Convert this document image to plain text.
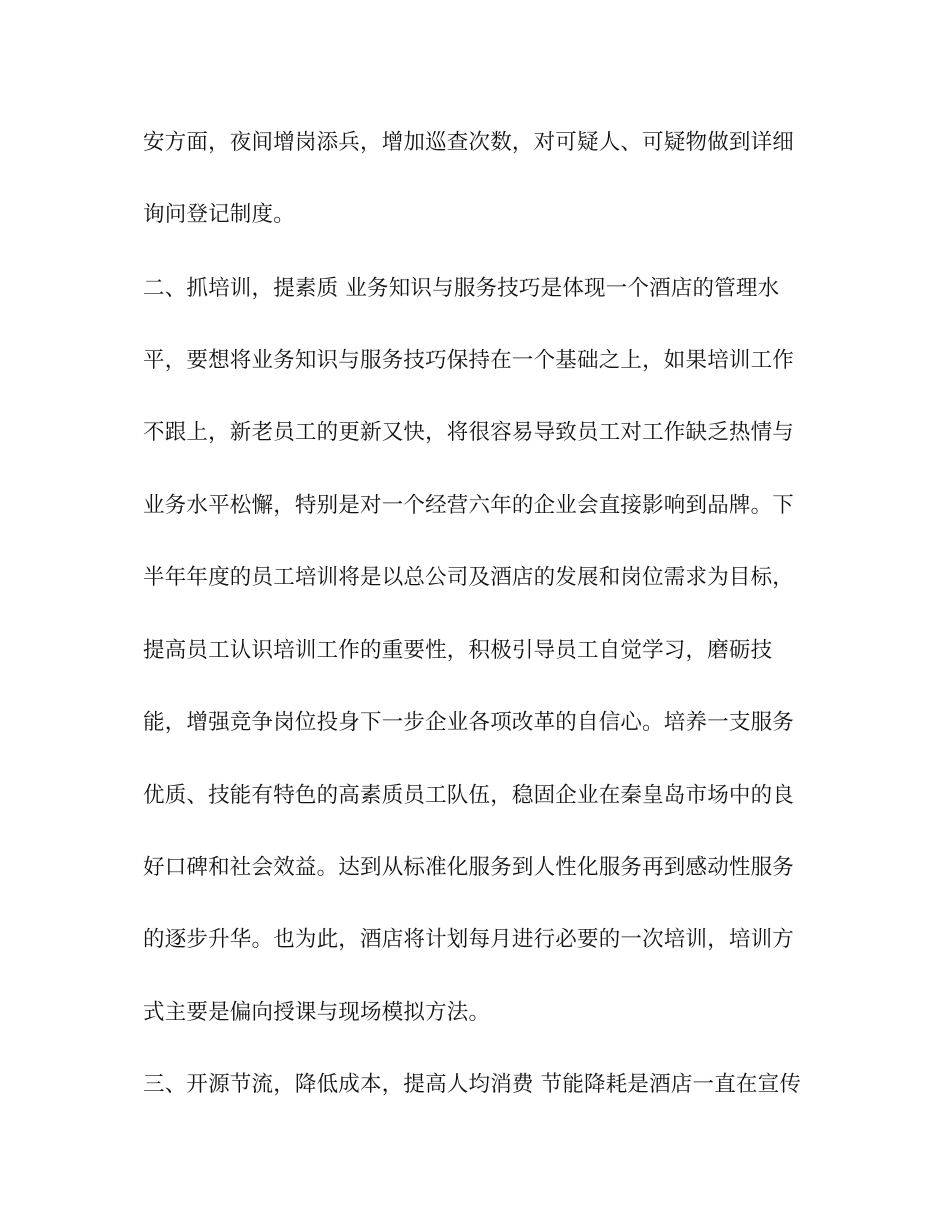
安方面，夜间增岗添兵，增加巡查次数，对可疑人、可疑物做到详细
询问登记制度。
二、抓培训，提素质 业务知识与服务技巧是体现一个酒店的管理水
平，要想将业务知识与服务技巧保持在一个基础之上，如果培训工作
不跟上，新老员工的更新又快，将很容易导致员工对工作缺乏热情与
业务水平松懈，特别是对一个经营六年的企业会直接影响到品牌。下
半年年度的员工培训将是以总公司及酒店的发展和岗位需求为目标，
提高员工认识培训工作的重要性，积极引导员工自觉学习，磨砺技
能，增强竞争岗位投身下一步企业各项改革的自信心。培养一支服务
优质、技能有特色的高素质员工队伍，稳固企业在秦皇岛市场中的良
好口碑和社会效益。达到从标准化服务到人性化服务再到感动性服务
的逐步升华。也为此，酒店将计划每月进行必要的一次培训，培训方
式主要是偏向授课与现场模拟方法。
三、开源节流，降低成本，提高人均消费 节能降耗是酒店一直在宣传
